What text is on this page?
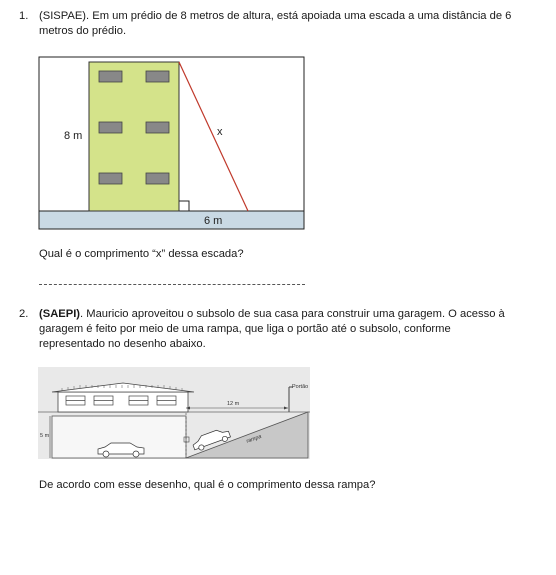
1. (SISPAE). Em um prédio de 8 metros de altura, está apoiada uma escada a uma distância de 6
metros do prédio.
8 m	x
6 m
Qual é o comprimento “x” dessa escada?
2. (SAEPI). Mauricio aproveitou o subsolo de sua casa para construir uma garagem. O acesso à
garagem é feito por meio de uma rampa, que liga o portão até o subsolo, conforme
representado no desenho abaixo.
Portão
12 m
5 m	rampa
De acordo com esse desenho, qual é o comprimento dessa rampa?
